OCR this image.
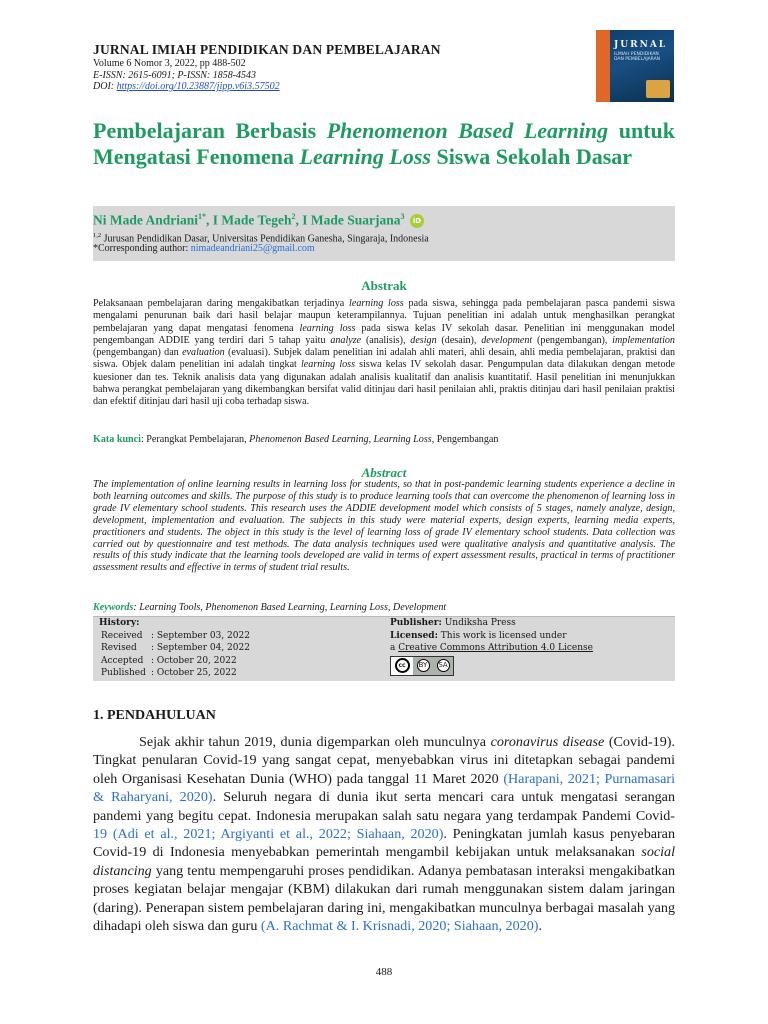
JURNAL IMIAH PENDIDIKAN DAN PEMBELAJARAN
Volume 6 Nomor 3, 2022, pp 488-502
E-ISSN: 2615-6091; P-ISSN: 1858-4543
DOI: https://doi.org/10.23887/jipp.v6i3.57502
JURNAL
ILMIAH PENDIDIKAN DAN PEMBELAJARAN
Pembelajaran Berbasis Phenomenon Based Learning untuk Mengatasi Fenomena Learning Loss Siswa Sekolah Dasar
Ni Made Andriani$^{1*}$, I Made Tegeh$^2$, I Made Suarjana$^3$ iD
$^{1,2}$ Jurusan Pendidikan Dasar, Universitas Pendidikan Ganesha, Singaraja, Indonesia
*Corresponding author: nimadeandriani25@gmail.com
Abstrak
Pelaksanaan pembelajaran daring mengakibatkan terjadinya learning loss pada siswa, sehingga pada pembelajaran pasca pandemi siswa mengalami penurunan baik dari hasil belajar maupun keterampilannya. Tujuan penelitian ini adalah untuk menghasilkan perangkat pembelajaran yang dapat mengatasi fenomena learning loss pada siswa kelas IV sekolah dasar. Penelitian ini menggunakan model pengembangan ADDIE yang terdiri dari 5 tahap yaitu analyze (analisis), design (desain), development (pengembangan), implementation (pengembangan) dan evaluation (evaluasi). Subjek dalam penelitian ini adalah ahli materi, ahli desain, ahli media pembelajaran, praktisi dan siswa. Objek dalam penelitian ini adalah tingkat learning loss siswa kelas IV sekolah dasar. Pengumpulan data dilakukan dengan metode kuesioner dan tes. Teknik analisis data yang digunakan adalah analisis kualitatif dan analisis kuantitatif. Hasil penelitian ini menunjukkan bahwa perangkat pembelajaran yang dikembangkan bersifat valid ditinjau dari hasil penilaian ahli, praktis ditinjau dari hasil penilaian praktisi dan efektif ditinjau dari hasil uji coba terhadap siswa.
Kata kunci: Perangkat Pembelajaran, Phenomenon Based Learning, Learning Loss, Pengembangan
Abstract
The implementation of online learning results in learning loss for students, so that in post-pandemic learning students experience a decline in both learning outcomes and skills. The purpose of this study is to produce learning tools that can overcome the phenomenon of learning loss in grade IV elementary school students. This research uses the ADDIE development model which consists of 5 stages, namely analyze, design, development, implementation and evaluation. The subjects in this study were material experts, design experts, learning media experts, practitioners and students. The object in this study is the level of learning loss of grade IV elementary school students. Data collection was carried out by questionnaire and test methods. The data analysis techniques used were qualitative analysis and quantitative analysis. The results of this study indicate that the learning tools developed are valid in terms of expert assessment results, practical in terms of practitioner assessment results and effective in terms of student trial results.
Keywords: Learning Tools, Phenomenon Based Learning, Learning Loss, Development
History:
Received : September 03, 2022
Revised	: September 04, 2022
Accepted : October 20, 2022
Published : October 25, 2022
Publisher: Undiksha Press
Licensed: This work is licensed under
a Creative Commons Attribution 4.0 License
cc	BY	SA
1. PENDAHULUAN
Sejak akhir tahun 2019, dunia digemparkan oleh munculnya coronavirus disease (Covid-19). Tingkat penularan Covid-19 yang sangat cepat, menyebabkan virus ini ditetapkan sebagai pandemi oleh Organisasi Kesehatan Dunia (WHO) pada tanggal 11 Maret 2020 (Harapani, 2021; Purnamasari & Raharyani, 2020). Seluruh negara di dunia ikut serta mencari cara untuk mengatasi serangan pandemi yang begitu cepat. Indonesia merupakan salah satu negara yang terdampak Pandemi Covid-19 (Adi et al., 2021; Argiyanti et al., 2022; Siahaan, 2020). Peningkatan jumlah kasus penyebaran Covid-19 di Indonesia menyebabkan pemerintah mengambil kebijakan untuk melaksanakan social distancing yang tentu mempengaruhi proses pendidikan. Adanya pembatasan interaksi mengakibatkan proses kegiatan belajar mengajar (KBM) dilakukan dari rumah menggunakan sistem dalam jaringan (daring). Penerapan sistem pembelajaran daring ini, mengakibatkan munculnya berbagai masalah yang dihadapi oleh siswa dan guru (A. Rachmat & I. Krisnadi, 2020; Siahaan, 2020).
488
